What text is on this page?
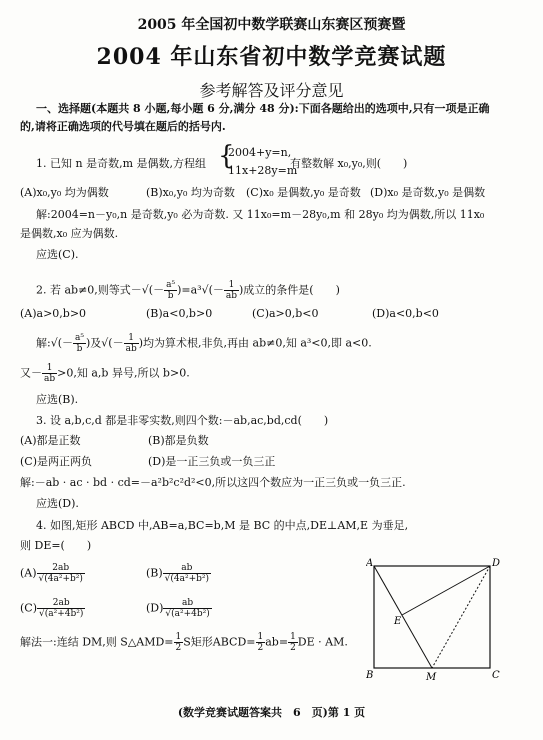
2005 年全国初中数学联赛山东赛区预赛暨
2004 年山东省初中数学竞赛试题
参考解答及评分意见
一、选择题(本题共 8 小题,每小题 6 分,满分 48 分):下面各题给出的选项中,只有一项是正确
的,请将正确选项的代号填在题后的括号内.
1. 已知 n 是奇数,m 是偶数,方程组 {
2004+y=n,
11x+28y=m
有整数解 x₀,y₀,则(　　)
(A)x₀,y₀ 均为偶数	(B)x₀,y₀ 均为奇数 (C)x₀ 是偶数,y₀ 是奇数 (D)x₀ 是奇数,y₀ 是偶数
解:2004=n－y₀,n 是奇数,y₀ 必为奇数. 又 11x₀=m－28y₀,m 和 28y₀ 均为偶数,所以 11x₀
是偶数,x₀ 应为偶数.
应选(C).
2. 若 ab≠0,则等式－√(－ $\frac{\text{a⁵}}{b} )=a^3√(- \frac{1}{ab}$ )成立的条件是(　　)
(A)a>0,b>0	(B)a<0,b>0	(C)a>0,b<0	(D)a<0,b<0
解:√(－ $\frac{\text{a⁵}}{b}$ )及√(－ $\frac{1}{ab}$ )均为算术根,非负,再由 ab≠0,知 a³<0,即 a<0.
又－ $\frac{1}{ab} >0$,知 a,b 异号,所以 b>0.
应选(B).
3. 设 a,b,c,d 都是非零实数,则四个数:－ab,ac,bd,cd(　　)
(A)都是正数	(B)都是负数
(C)是两正两负	(D)是一正三负或一负三正
解:－ab · ac · bd · cd=－a²b²c²d²<0,所以这四个数应为一正三负或一负三正.
应选(D).
4. 如图,矩形 ABCD 中,AB=a,BC=b,M 是 BC 的中点,DE⊥AM,E 为垂足,
则 DE=(　　)
$(A) \frac{2ab}{\text{√(4a²+b²)}}$	$(B) \frac{ab}{\text{√(4a²+b²)}}$
$(C) \frac{2ab}{\text{√(a²+4b²)}}$	$(D) \frac{ab}{\text{√(a²+4b²)}}$
解法一:连结 DM,则 S△AMD= $\frac{1}{2}$ S矩形ABCD= $\frac{1}{2} ab= \frac{1}{2}$ DE · AM.
A
B	C
D
E
M
(数学竞赛试题答案共　6　页)第 1 页
